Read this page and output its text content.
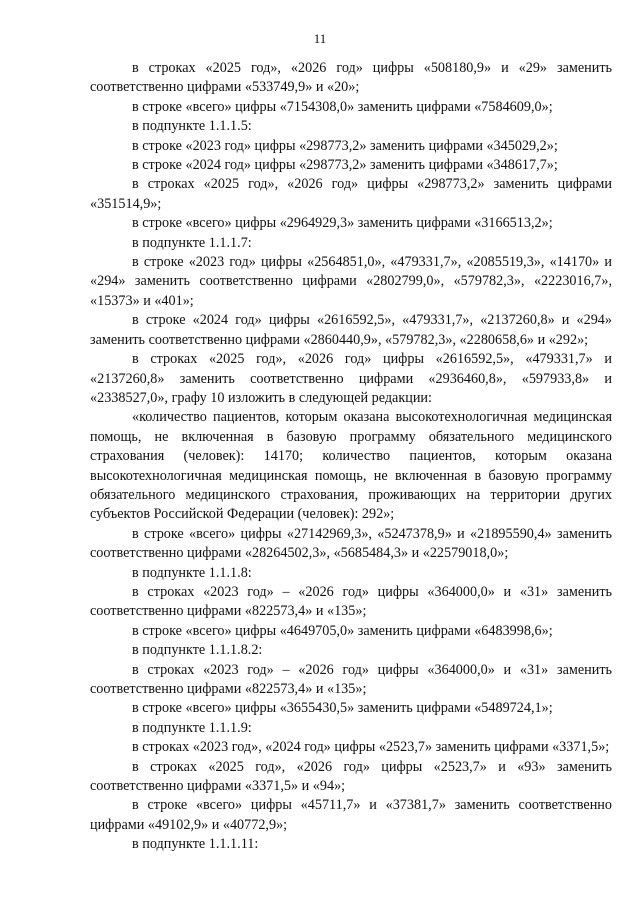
11

в строках «2025 год», «2026 год» цифры «508180,9» и «29» заменить соответственно цифрами «533749,9» и «20»;

в строке «всего» цифры «7154308,0» заменить цифрами «7584609,0»;

в подпункте 1.1.1.5:

в строке «2023 год» цифры «298773,2» заменить цифрами «345029,2»;

в строке «2024 год» цифры «298773,2» заменить цифрами «348617,7»;

в строках «2025 год», «2026 год» цифры «298773,2» заменить цифрами «351514,9»;

в строке «всего» цифры «2964929,3» заменить цифрами «3166513,2»;

в подпункте 1.1.1.7:

в строке «2023 год» цифры «2564851,0», «479331,7», «2085519,3», «14170» и «294» заменить соответственно цифрами «2802799,0», «579782,3», «2223016,7», «15373» и «401»;

в строке «2024 год» цифры «2616592,5», «479331,7», «2137260,8» и «294» заменить соответственно цифрами «2860440,9», «579782,3», «2280658,6» и «292»;

в строках «2025 год», «2026 год» цифры «2616592,5», «479331,7» и «2137260,8» заменить соответственно цифрами «2936460,8», «597933,8» и «2338527,0», графу 10 изложить в следующей редакции:

«количество пациентов, которым оказана высокотехнологичная медицинская помощь, не включенная в базовую программу обязательного медицинского страхования (человек): 14170; количество пациентов, которым оказана высокотехнологичная медицинская помощь, не включенная в базовую программу обязательного медицинского страхования, проживающих на территории других субъектов Российской Федерации (человек): 292»;

в строке «всего» цифры «27142969,3», «5247378,9» и «21895590,4» заменить соответственно цифрами «28264502,3», «5685484,3» и «22579018,0»;

в подпункте 1.1.1.8:

в строках «2023 год» – «2026 год» цифры «364000,0» и «31» заменить соответственно цифрами «822573,4» и «135»;

в строке «всего» цифры «4649705,0» заменить цифрами «6483998,6»;

в подпункте 1.1.1.8.2:

в строках «2023 год» – «2026 год» цифры «364000,0» и «31» заменить соответственно цифрами «822573,4» и «135»;

в строке «всего» цифры «3655430,5» заменить цифрами «5489724,1»;

в подпункте 1.1.1.9:

в строках «2023 год», «2024 год» цифры «2523,7» заменить цифрами «3371,5»;

в строках «2025 год», «2026 год» цифры «2523,7» и «93» заменить соответственно цифрами «3371,5» и «94»;

в строке «всего» цифры «45711,7» и «37381,7» заменить соответственно цифрами «49102,9» и «40772,9»;

в подпункте 1.1.1.11:
